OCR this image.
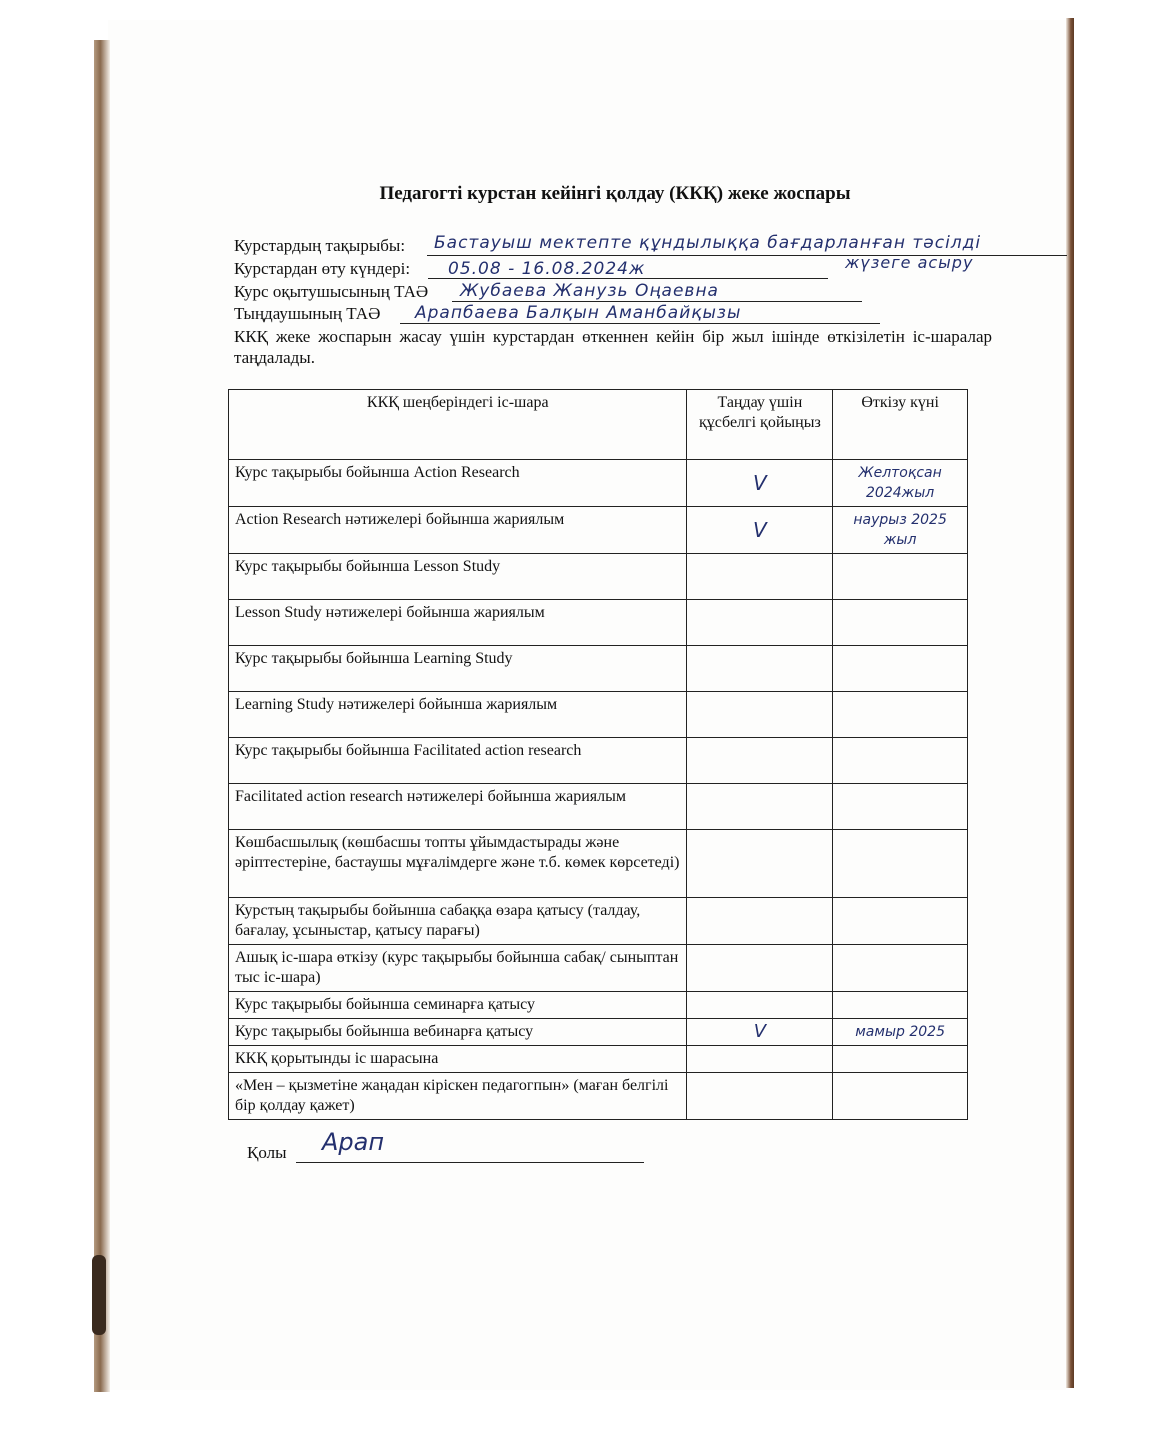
Педагогті курстан кейінгі қолдау (ККҚ) жеке жоспары
Курстардың тақырыбы: Бастауыш мектепте құндылыққа бағдарланған тәсілді
жүзеге асыру
Курстардан өту күндері: 05.08 - 16.08.2024ж
Курс оқытушысының ТАӘ Жубаева Жанузь Оңаевна
Тыңдаушының ТАӘ Арапбаева Балқын Аманбайқызы
ККҚ жеке жоспарын жасау үшін курстардан өткеннен кейін бір жыл ішінде өткізілетін іс-шаралар таңдалады.
ККҚ шеңберіндегі іс-шара	Таңдау үшін құсбелгі қойыңыз	Өткізу күні
Курс тақырыбы бойынша Action Research	V	Желтоқсан 2024жыл
Action Research нәтижелері бойынша жариялым	V	наурыз 2025 жыл
Курс тақырыбы бойынша Lesson Study		
Lesson Study нәтижелері бойынша жариялым		
Курс тақырыбы бойынша Learning Study		
Learning Study нәтижелері бойынша жариялым		
Курс тақырыбы бойынша Facilitated action research		
Facilitated action research нәтижелері бойынша жариялым		
Көшбасшылық (көшбасшы топты ұйымдастырады және әріптестеріне, бастаушы мұғалімдерге және т.б. көмек көрсетеді)		
Курстың тақырыбы бойынша сабаққа өзара қатысу (талдау, бағалау, ұсыныстар, қатысу парағы)		
Ашық іс-шара өткізу (курс тақырыбы бойынша сабақ/ сыныптан тыс іс-шара)		
Курс тақырыбы бойынша семинарға қатысу		
Курс тақырыбы бойынша вебинарға қатысу	V	мамыр 2025
ККҚ қорытынды іс шарасына		
«Мен – қызметіне жаңадан кіріскен педагогпын» (маған белгілі бір қолдау қажет)		
Қолы Арап
